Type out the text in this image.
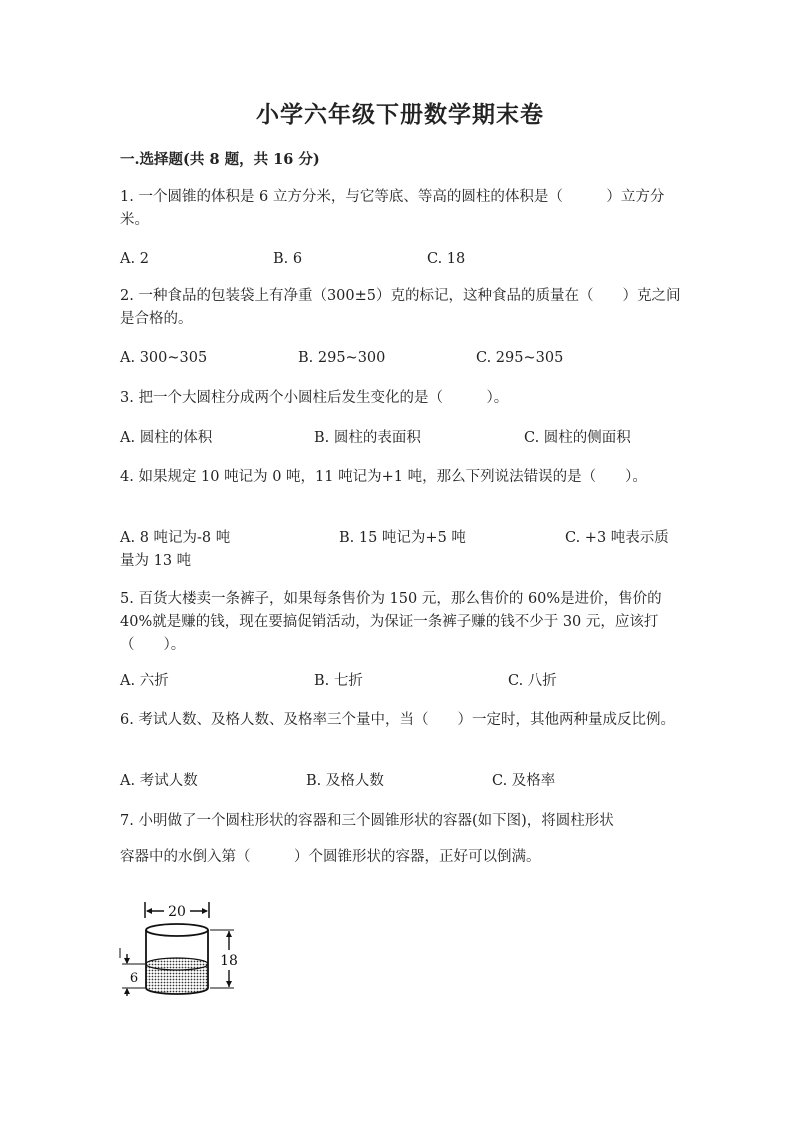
小学六年级下册数学期末卷
一.选择题(共 8 题，共 16 分)
1. 一个圆锥的体积是 6 立方分米，与它等底、等高的圆柱的体积是（　　　）立方分米。
A. 2	B. 6	C. 18
2. 一种食品的包装袋上有净重（300±5）克的标记，这种食品的质量在（　　）克之间是合格的。
A. 300~305	B. 295~300	C. 295~305
3. 把一个大圆柱分成两个小圆柱后发生变化的是（　　　）。
A. 圆柱的体积	B. 圆柱的表面积	C. 圆柱的侧面积
4. 如果规定 10 吨记为 0 吨，11 吨记为+1 吨，那么下列说法错误的是（　　）。
A. 8 吨记为-8 吨	B. 15 吨记为+5 吨	C. +3 吨表示质量为 13 吨
5. 百货大楼卖一条裤子，如果每条售价为 150 元，那么售价的 60%是进价，售价的 40%就是赚的钱，现在要搞促销活动，为保证一条裤子赚的钱不少于 30 元，应该打（　　）。
A. 六折	B. 七折	C. 八折
6. 考试人数、及格人数、及格率三个量中，当（　　）一定时，其他两种量成反比例。
A. 考试人数	B. 及格人数	C. 及格率
7. 小明做了一个圆柱形状的容器和三个圆锥形状的容器(如下图)，将圆柱形状
容器中的水倒入第（　　　）个圆锥形状的容器，正好可以倒满。
20
18
6
